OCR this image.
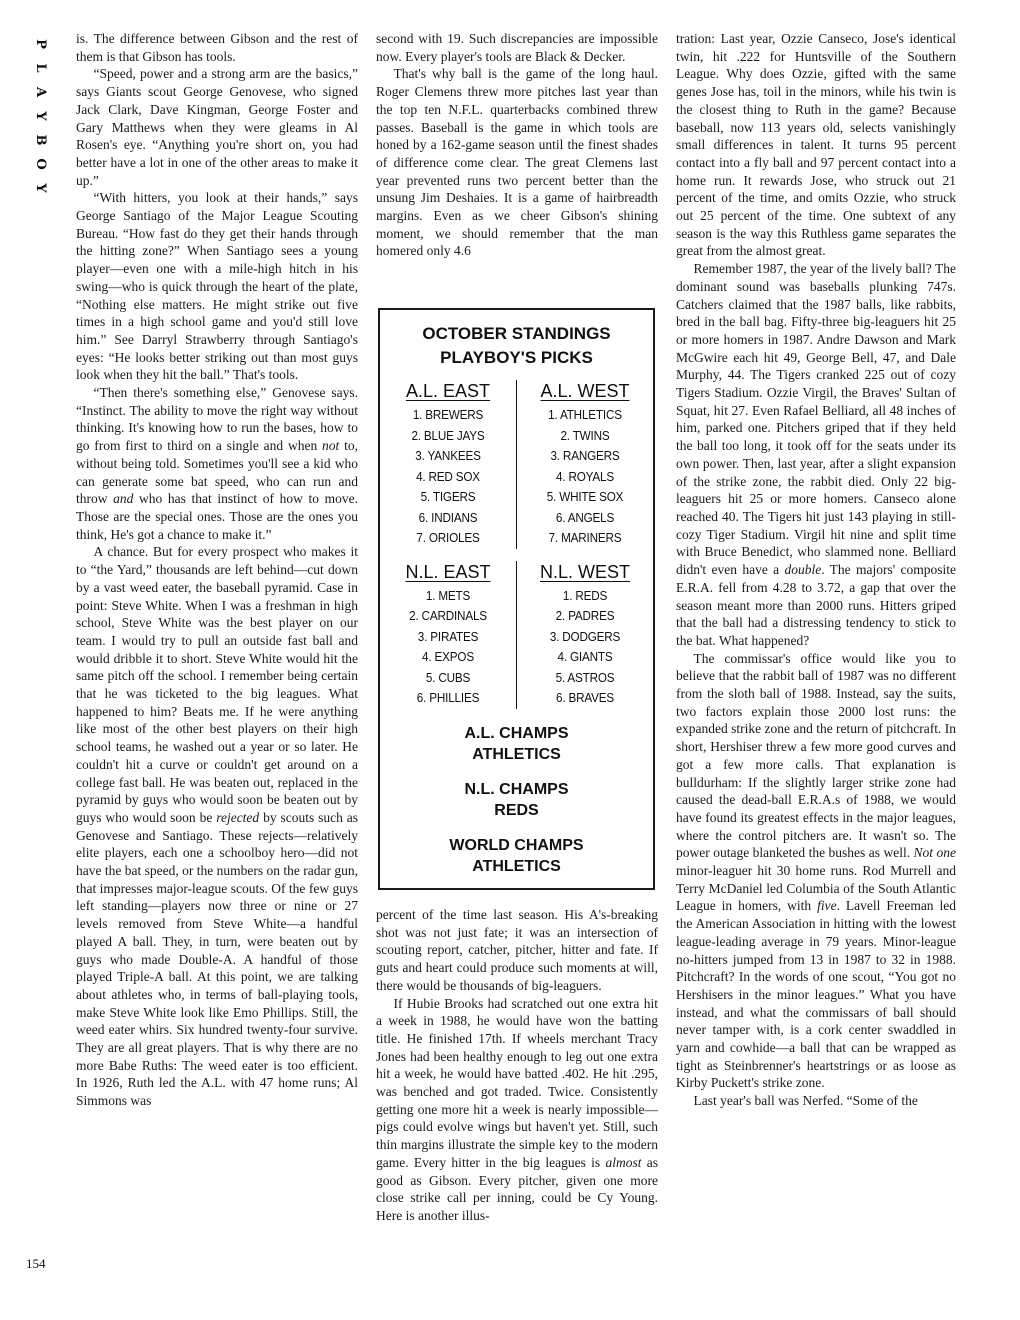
P
L
A
Y
B
O
Y

is. The difference between Gibson and the rest of them is that Gibson has tools.

“Speed, power and a strong arm are the basics,” says Giants scout George Genovese, who signed Jack Clark, Dave Kingman, George Foster and Gary Matthews when they were gleams in Al Rosen's eye. “Anything you're short on, you had better have a lot in one of the other areas to make it up.”

“With hitters, you look at their hands,” says George Santiago of the Major League Scouting Bureau. “How fast do they get their hands through the hitting zone?” When Santiago sees a young player—even one with a mile-high hitch in his swing—who is quick through the heart of the plate, “Nothing else matters. He might strike out five times in a high school game and you'd still love him.” See Darryl Strawberry through Santiago's eyes: “He looks better striking out than most guys look when they hit the ball.” That's tools.

“Then there's something else,” Genovese says. “Instinct. The ability to move the right way without thinking. It's knowing how to run the bases, how to go from first to third on a single and when not to, without being told. Sometimes you'll see a kid who can generate some bat speed, who can run and throw and who has that instinct of how to move. Those are the special ones. Those are the ones you think, He's got a chance to make it.”

A chance. But for every prospect who makes it to “the Yard,” thousands are left behind—cut down by a vast weed eater, the baseball pyramid. Case in point: Steve White. When I was a freshman in high school, Steve White was the best player on our team. I would try to pull an outside fast ball and would dribble it to short. Steve White would hit the same pitch off the school. I remember being certain that he was ticketed to the big leagues. What happened to him? Beats me. If he were anything like most of the other best players on their high school teams, he washed out a year or so later. He couldn't hit a curve or couldn't get around on a college fast ball. He was beaten out, replaced in the pyramid by guys who would soon be beaten out by guys who would soon be rejected by scouts such as Genovese and Santiago. These rejects—relatively elite players, each one a schoolboy hero—did not have the bat speed, or the numbers on the radar gun, that impresses major-league scouts. Of the few guys left standing—players now three or nine or 27 levels removed from Steve White—a handful played A ball. They, in turn, were beaten out by guys who made Double-A. A handful of those played Triple-A ball. At this point, we are talking about athletes who, in terms of ball-playing tools, make Steve White look like Emo Phillips. Still, the weed eater whirs. Six hundred twenty-four survive. They are all great players. That is why there are no more Babe Ruths: The weed eater is too efficient. In 1926, Ruth led the A.L. with 47 home runs; Al Simmons was

second with 19. Such discrepancies are impossible now. Every player's tools are Black & Decker.

That's why ball is the game of the long haul. Roger Clemens threw more pitches last year than the top ten N.F.L. quarterbacks combined threw passes. Baseball is the game in which tools are honed by a 162-game season until the finest shades of difference come clear. The great Clemens last year prevented runs two percent better than the unsung Jim Deshaies. It is a game of hairbreadth margins. Even as we cheer Gibson's shining moment, we should remember that the man homered only 4.6

OCTOBER STANDINGS
PLAYBOY'S PICKS
A.L. EAST
1. BREWERS
2. BLUE JAYS
3. YANKEES
4. RED SOX
5. TIGERS
6. INDIANS
7. ORIOLES
A.L. WEST
1. ATHLETICS
2. TWINS
3. RANGERS
4. ROYALS
5. WHITE SOX
6. ANGELS
7. MARINERS
N.L. EAST
1. METS
2. CARDINALS
3. PIRATES
4. EXPOS
5. CUBS
6. PHILLIES
N.L. WEST
1. REDS
2. PADRES
3. DODGERS
4. GIANTS
5. ASTROS
6. BRAVES
A.L. CHAMPS
ATHLETICS
N.L. CHAMPS
REDS
WORLD CHAMPS
ATHLETICS

percent of the time last season. His A's-breaking shot was not just fate; it was an intersection of scouting report, catcher, pitcher, hitter and fate. If guts and heart could produce such moments at will, there would be thousands of big-leaguers.

If Hubie Brooks had scratched out one extra hit a week in 1988, he would have won the batting title. He finished 17th. If wheels merchant Tracy Jones had been healthy enough to leg out one extra hit a week, he would have batted .402. He hit .295, was benched and got traded. Twice. Consistently getting one more hit a week is nearly impossible—pigs could evolve wings but haven't yet. Still, such thin margins illustrate the simple key to the modern game. Every hitter in the big leagues is almost as good as Gibson. Every pitcher, given one more close strike call per inning, could be Cy Young. Here is another illus-

tration: Last year, Ozzie Canseco, Jose's identical twin, hit .222 for Huntsville of the Southern League. Why does Ozzie, gifted with the same genes Jose has, toil in the minors, while his twin is the closest thing to Ruth in the game? Because baseball, now 113 years old, selects vanishingly small differences in talent. It turns 95 percent contact into a fly ball and 97 percent contact into a home run. It rewards Jose, who struck out 21 percent of the time, and omits Ozzie, who struck out 25 percent of the time. One subtext of any season is the way this Ruthless game separates the great from the almost great.

Remember 1987, the year of the lively ball? The dominant sound was baseballs plunking 747s. Catchers claimed that the 1987 balls, like rabbits, bred in the ball bag. Fifty-three big-leaguers hit 25 or more homers in 1987. Andre Dawson and Mark McGwire each hit 49, George Bell, 47, and Dale Murphy, 44. The Tigers cranked 225 out of cozy Tigers Stadium. Ozzie Virgil, the Braves' Sultan of Squat, hit 27. Even Rafael Belliard, all 48 inches of him, parked one. Pitchers griped that if they held the ball too long, it took off for the seats under its own power. Then, last year, after a slight expansion of the strike zone, the rabbit died. Only 22 big-leaguers hit 25 or more homers. Canseco alone reached 40. The Tigers hit just 143 playing in still-cozy Tiger Stadium. Virgil hit nine and split time with Bruce Benedict, who slammed none. Belliard didn't even have a double. The majors' composite E.R.A. fell from 4.28 to 3.72, a gap that over the season meant more than 2000 runs. Hitters griped that the ball had a distressing tendency to stick to the bat. What happened?

The commissar's office would like you to believe that the rabbit ball of 1987 was no different from the sloth ball of 1988. Instead, say the suits, two factors explain those 2000 lost runs: the expanded strike zone and the return of pitchcraft. In short, Hershiser threw a few more good curves and got a few more calls. That explanation is bulldurham: If the slightly larger strike zone had caused the dead-ball E.R.A.s of 1988, we would have found its greatest effects in the major leagues, where the control pitchers are. It wasn't so. The power outage blanketed the bushes as well. Not one minor-leaguer hit 30 home runs. Rod Murrell and Terry McDaniel led Columbia of the South Atlantic League in homers, with five. Lavell Freeman led the American Association in hitting with the lowest league-leading average in 79 years. Minor-league no-hitters jumped from 13 in 1987 to 32 in 1988. Pitchcraft? In the words of one scout, “You got no Hershisers in the minor leagues.” What you have instead, and what the commissars of ball should never tamper with, is a cork center swaddled in yarn and cowhide—a ball that can be wrapped as tight as Steinbrenner's heartstrings or as loose as Kirby Puckett's strike zone.

Last year's ball was Nerfed. “Some of the

154
